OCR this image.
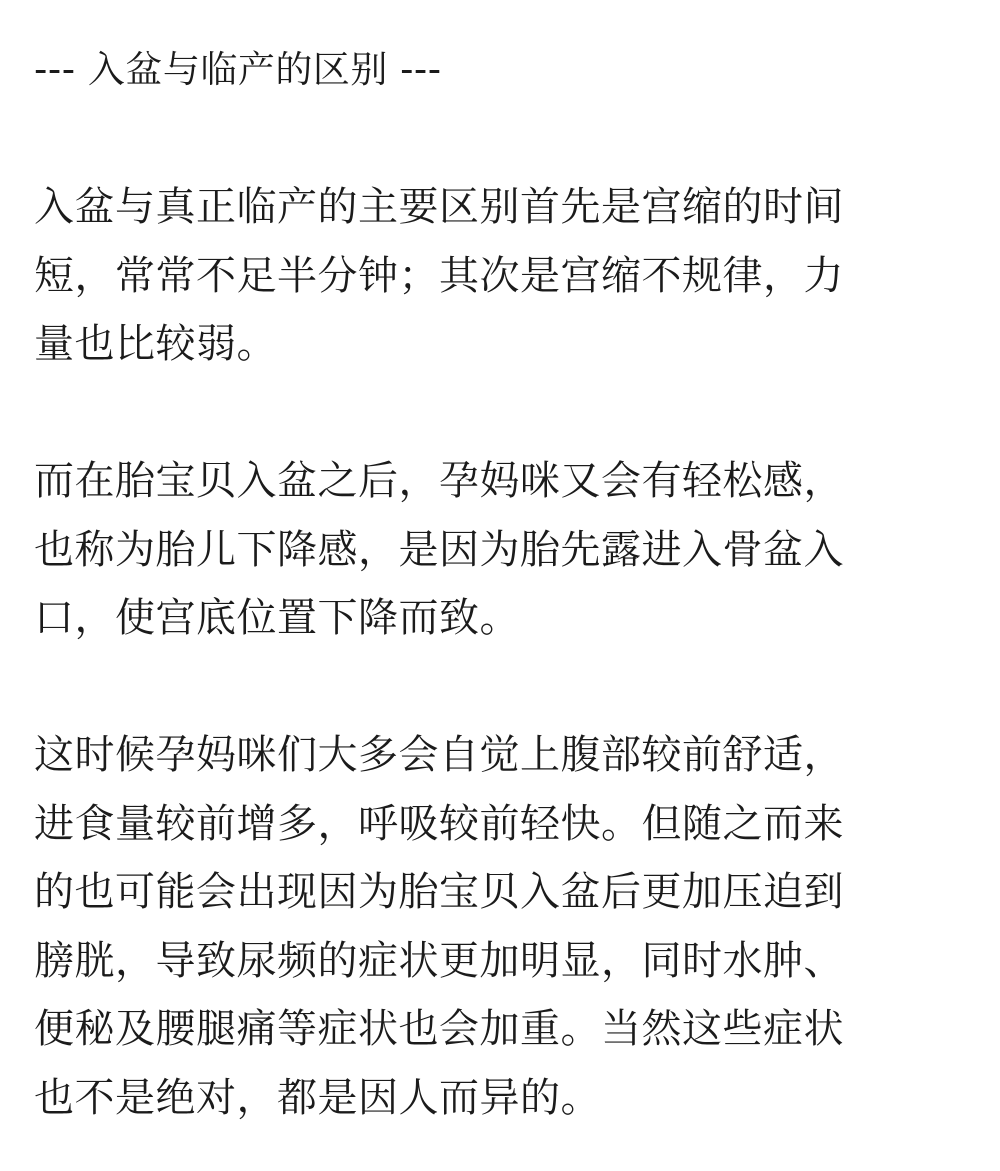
--- 入盆与临产的区别 ---

入盆与真正临产的主要区别首先是宫缩的时间
短，常常不足半分钟；其次是宫缩不规律，力
量也比较弱。

而在胎宝贝入盆之后，孕妈咪又会有轻松感，
也称为胎儿下降感，是因为胎先露进入骨盆入
口，使宫底位置下降而致。

这时候孕妈咪们大多会自觉上腹部较前舒适，
进食量较前增多，呼吸较前轻快。但随之而来
的也可能会出现因为胎宝贝入盆后更加压迫到
膀胱，导致尿频的症状更加明显，同时水肿、
便秘及腰腿痛等症状也会加重。当然这些症状
也不是绝对，都是因人而异的。
